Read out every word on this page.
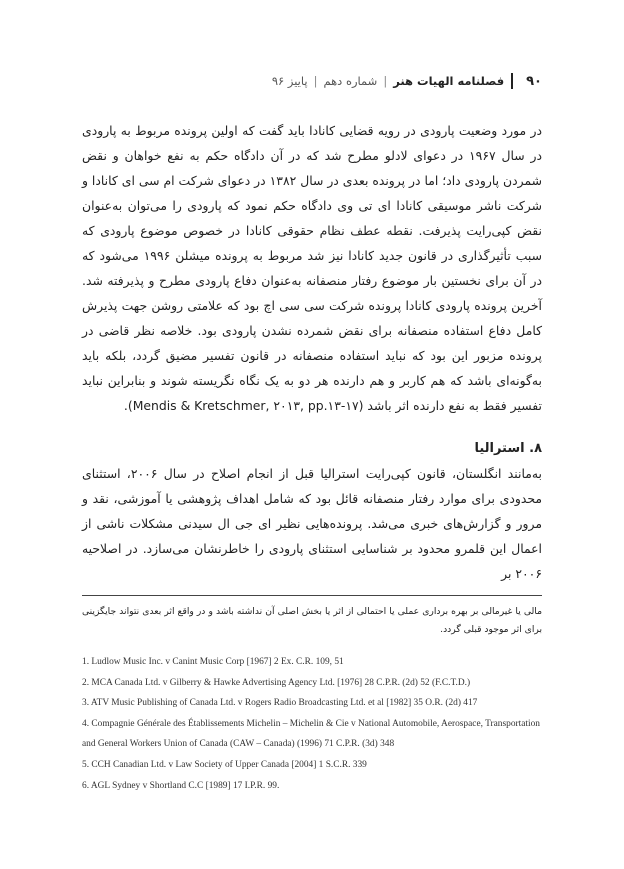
۹۰
فصلنامه الهیات هنر
|
شماره دهم
|
پاییز ۹۶

در مورد وضعیت پارودی در رویه قضایی کانادا باید گفت که اولین پرونده مربوط به پارودی در سال ۱۹۶۷ در دعوای لادلو مطرح شد که در آن دادگاه حکم به نفع خواهان و نقض شمردن پارودی داد؛ اما در پرونده بعدی در سال ۱۳۸۲ در دعوای شرکت ام سی ای کانادا و شرکت ناشر موسیقی کانادا ای تی وی دادگاه حکم نمود که پارودی را می‌توان به‌عنوان نقض کپی‌رایت پذیرفت. نقطه عطف نظام حقوقی کانادا در خصوص موضوع پارودی که سبب تأثیرگذاری در قانون جدید کانادا نیز شد مربوط به پرونده میشلن ۱۹۹۶ می‌شود که در آن برای نخستین بار موضوع رفتار منصفانه به‌عنوان دفاع پارودی مطرح و پذیرفته شد. آخرین پرونده پارودی کانادا پرونده شرکت سی سی اچ بود که علامتی روشن جهت پذیرش کامل دفاع استفاده منصفانه برای نقض شمرده نشدن پارودی بود. خلاصه نظر قاضی در پرونده مزبور این بود که نباید استفاده منصفانه در قانون تفسیر مضیق گردد، بلکه باید به‌گونه‌ای باشد که هم کاربر و هم دارنده هر دو به یک نگاه نگریسته شوند و بنابراین نباید تفسیر فقط به نفع دارنده اثر باشد (Mendis & Kretschmer, ۲۰۱۳, pp.۱۳-۱۷).

۸. استرالیا

به‌مانند انگلستان، قانون کپی‌رایت استرالیا قبل از انجام اصلاح در سال ۲۰۰۶، استثنای محدودی برای موارد رفتار منصفانه قائل بود که شامل اهداف پژوهشی یا آموزشی، نقد و مرور و گزارش‌های خبری می‌شد. پرونده‌هایی نظیر ای جی ال سیدنی مشکلات ناشی از اعمال این قلمرو محدود بر شناسایی استثنای پارودی را خاطرنشان می‌سازد. در اصلاحیه ۲۰۰۶ بر

مالی یا غیرمالی بر بهره برداری عملی یا احتمالی از اثر یا بخش اصلی آن نداشته باشد و در واقع اثر بعدی نتواند جایگزینی برای اثر موجود قبلی گردد.
1. Ludlow Music Inc. v Canint Music Corp [1967] 2 Ex. C.R. 109, 51
2. MCA Canada Ltd. v Gilberry & Hawke Advertising Agency Ltd. [1976] 28 C.P.R. (2d) 52 (F.C.T.D.)
3. ATV Music Publishing of Canada Ltd. v Rogers Radio Broadcasting Ltd. et al [1982] 35 O.R. (2d) 417
4. Compagnie Générale des Établissements Michelin – Michelin & Cie v National Automobile, Aerospace, Transportation and General Workers Union of Canada (CAW – Canada) (1996) 71 C.P.R. (3d) 348
5. CCH Canadian Ltd. v Law Society of Upper Canada [2004] 1 S.C.R. 339
6. AGL Sydney v Shortland C.C [1989] 17 I.P.R. 99.
